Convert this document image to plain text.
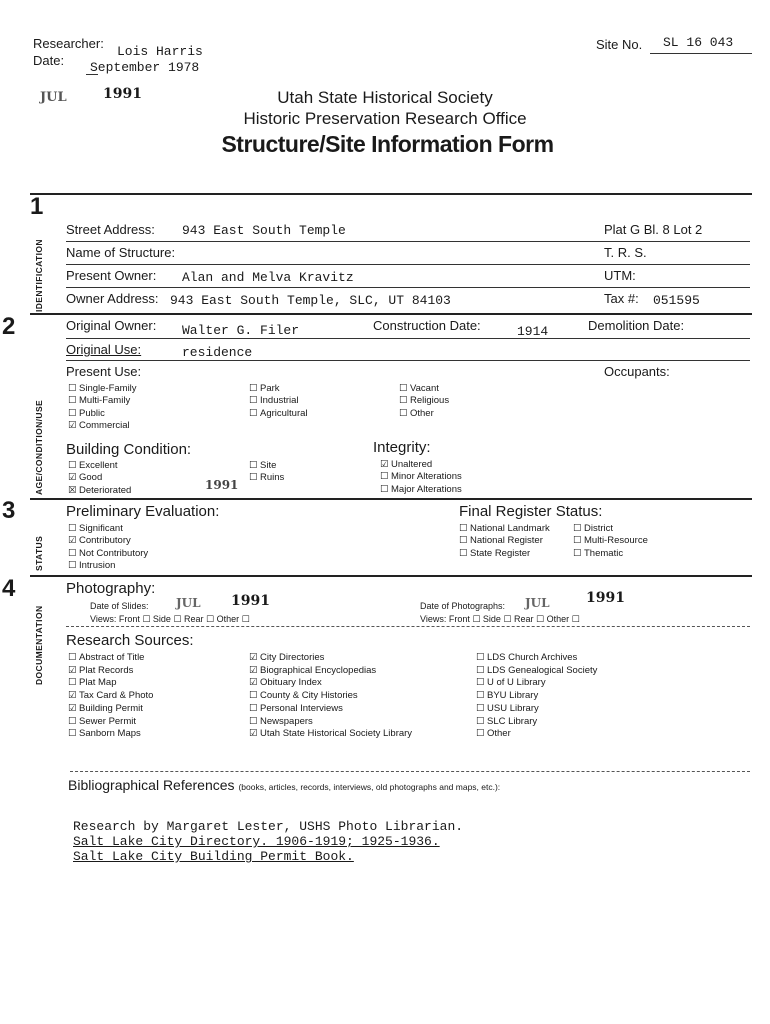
Researcher:
Lois Harris
Date: September 1978
Site No. SL 16 043
JUL	1991	Utah State Historical Society
Historic Preservation Research Office
Structure/Site Information Form
1
IDENTIFICATION
Street Address: 943 East South Temple
Name of Structure:
Present Owner: Alan and Melva Kravitz
Owner Address: 943 East South Temple, SLC, UT 84103
Plat G Bl. 8 Lot 2
T. R. S.
UTM:
Tax #: 051595
2
AGE/CONDITION/USE
Original Owner: Walter G. Filer	Construction Date:	1914	Demolition Date:
Original Use:	residence
Present Use:	Occupants:
☐ Single-Family
☐ Multi-Family
☐ Public
☑ Commercial
☐ Park
☐ Industrial
☐ Agricultural
☐ Vacant
☐ Religious
☐ Other
Building Condition:	Integrity:
☐ Excellent
☑ Good
☒ Deteriorated
☐ Site
☐ Ruins
1991
☑ Unaltered
☐ Minor Alterations
☐ Major Alterations
3
STATUS
Preliminary Evaluation:
☐ Significant
☑ Contributory
☐ Not Contributory
☐ Intrusion
Final Register Status:
☐ National Landmark
☐ National Register
☐ State Register
☐ District
☐ Multi-Resource
☐ Thematic
4
DOCUMENTATION
Photography:
Date of Slides: JUL 1991	Date of Photographs: JUL	1991
Views: Front ☐ Side ☐ Rear ☐ Other ☐	Views: Front ☐ Side ☐ Rear ☐ Other ☐
Research Sources:
☐ Abstract of Title
☑ Plat Records
☐ Plat Map
☑ Tax Card & Photo
☑ Building Permit
☐ Sewer Permit
☐ Sanborn Maps
☑ City Directories
☑ Biographical Encyclopedias
☑ Obituary Index
☐ County & City Histories
☐ Personal Interviews
☐ Newspapers
☑ Utah State Historical Society Library
☐ LDS Church Archives
☐ LDS Genealogical Society
☐ U of U Library
☐ BYU Library
☐ USU Library
☐ SLC Library
☐ Other
Bibliographical References (books, articles, records, interviews, old photographs and maps, etc.):
Research by Margaret Lester, USHS Photo Librarian.
Salt Lake City Directory. 1906-1919; 1925-1936.
Salt Lake City Building Permit Book.
